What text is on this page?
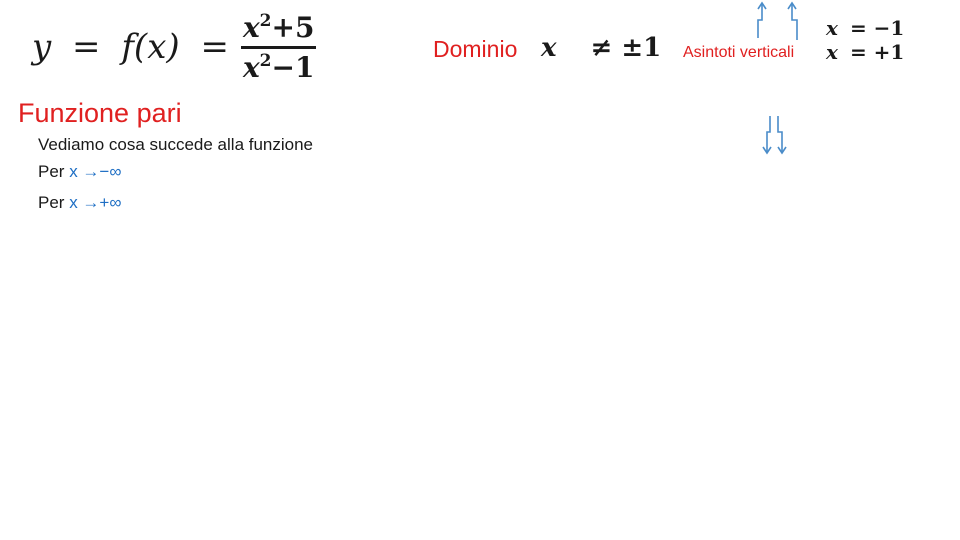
$y = f(x) = \frac{x^2+5}{x^2-1}$	Dominio x ≠ ±1 Asintoti verticali
x = −1
x = +1
Funzione pari
Vediamo cosa succede alla funzione
Per x →−∞
Per x →+∞
